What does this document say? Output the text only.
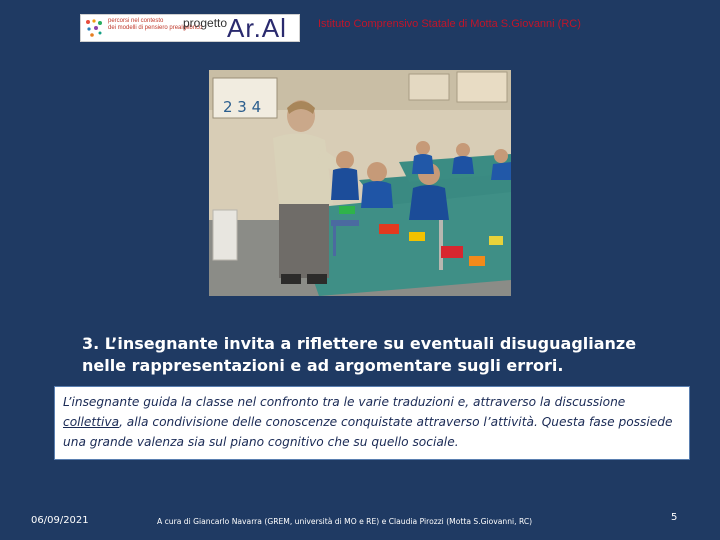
percorsi nel contesto
dei modelli di pensiero prealgebrico
progetto Ar.Al	Istituto Comprensivo Statale di Motta S.Giovanni (RC)
2 3 4
3. L’insegnante invita a riflettere su eventuali disuguaglianze nelle rappresentazioni e ad argomentare sugli errori.

L’insegnante guida la classe nel confronto tra le varie traduzioni e, attraverso la discussione collettiva, alla condivisione delle conoscenze conquistate attraverso l’attività. Questa fase possiede una grande valenza sia sul piano cognitivo che su quello sociale.

06/09/2021	A cura di Giancarlo Navarra (GREM, università di MO e RE) e Claudia Pirozzi (Motta S.Giovanni, RC)	5
